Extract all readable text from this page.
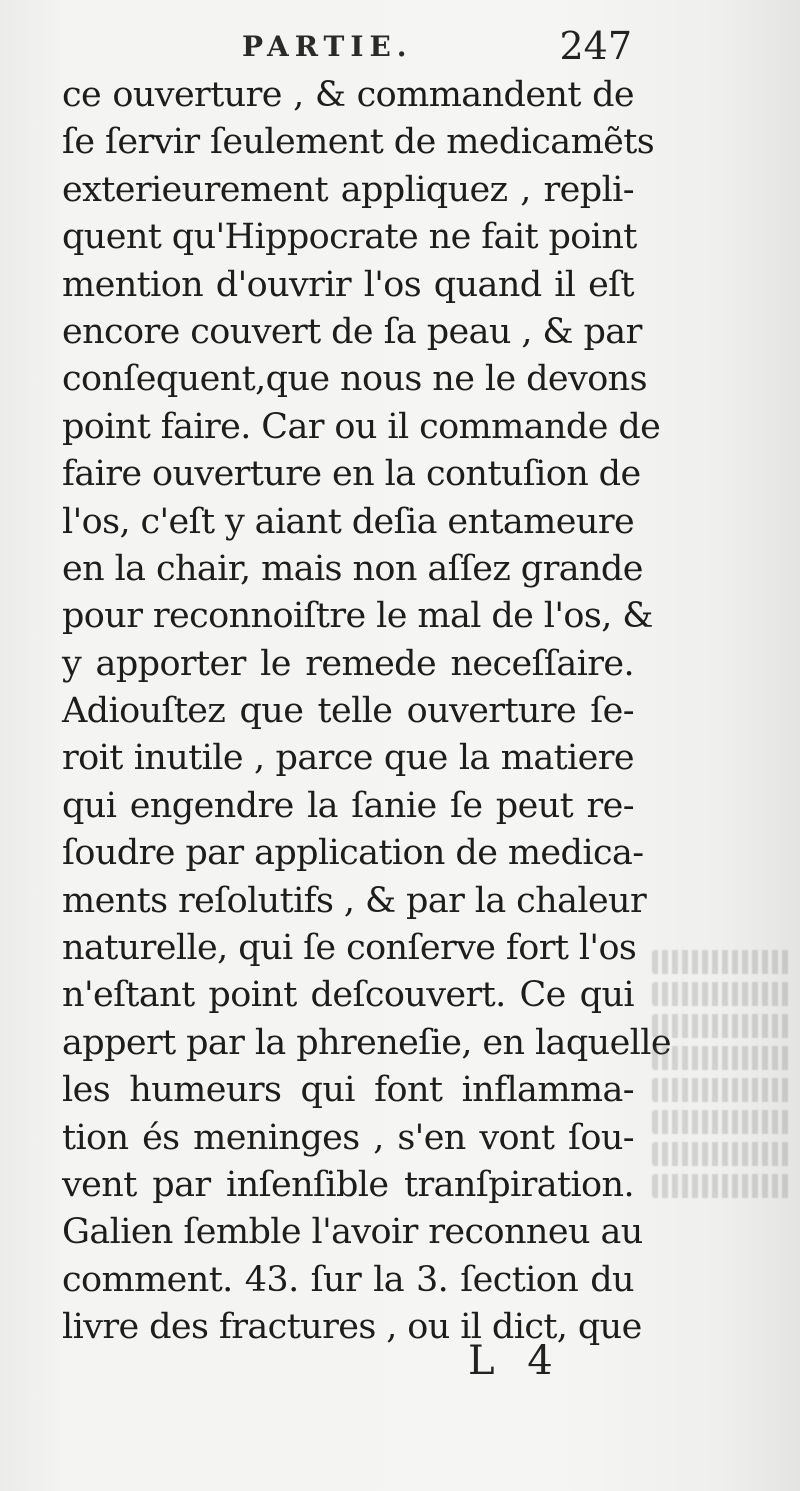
PARTIE.	247
ce ouverture , & commandent de
ſe ſervir ſeulement de medicamẽts
exterieurement appliquez , repli-
quent qu'Hippocrate ne fait point
mention d'ouvrir l'os quand il eſt
encore couvert de ſa peau , & par
conſequent,que nous ne le devons
point faire. Car ou il commande de
faire ouverture en la contuſion de
l'os, c'eſt y aiant deſia entameure
en la chair, mais non aſſez grande
pour reconnoiſtre le mal de l'os, &
y apporter le remede neceſſaire.
Adiouſtez que telle ouverture ſe-
roit inutile , parce que la matiere
qui engendre la ſanie ſe peut re-
ſoudre par application de medica-
ments reſolutifs , & par la chaleur
naturelle, qui ſe conſerve fort l'os
n'eſtant point deſcouvert. Ce qui
appert par la phreneſie, en laquelle
les humeurs qui font inflamma-
tion és meninges , s'en vont ſou-
vent par inſenſible tranſpiration.
Galien ſemble l'avoir reconneu au
comment. 43. ſur la 3. ſection du
livre des fractures , ou il dict, que
L 4
